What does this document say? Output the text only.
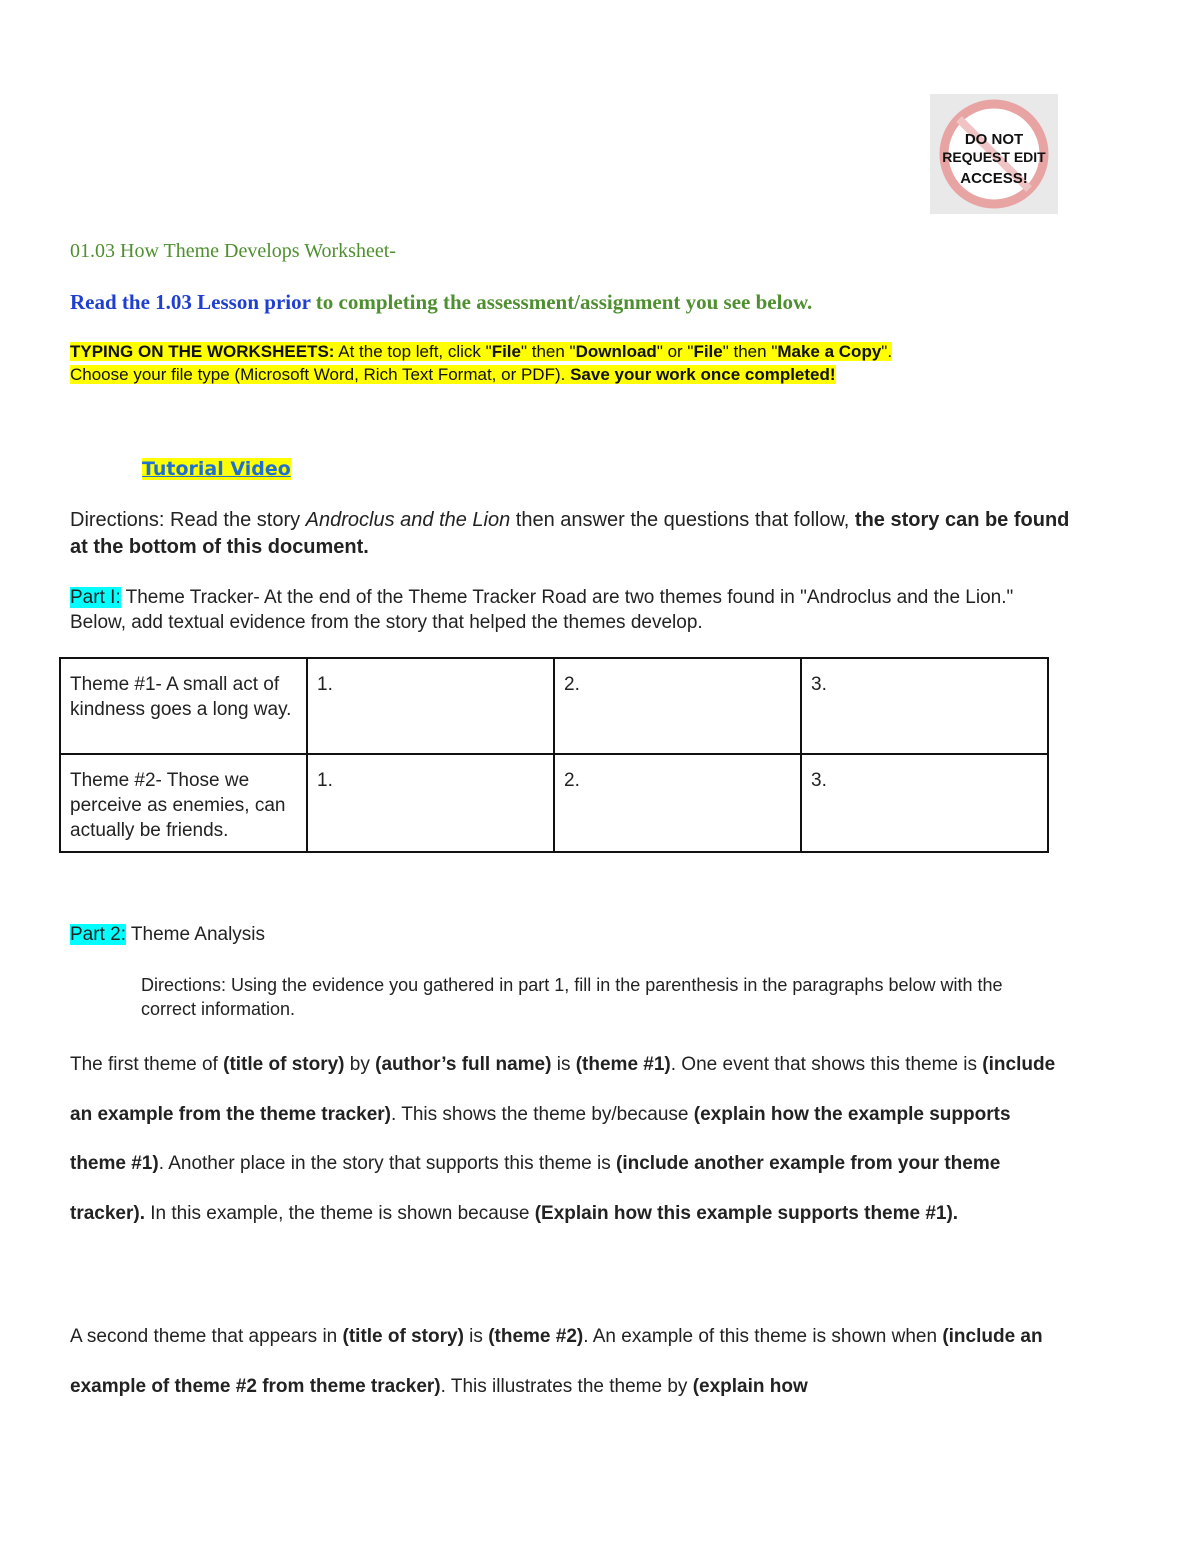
DO NOT
REQUEST EDIT
ACCESS!
01.03 How Theme Develops Worksheet-
Read the 1.03 Lesson prior to completing the assessment/assignment you see below.
TYPING ON THE WORKSHEETS: At the top left, click "File" then "Download" or "File" then "Make a Copy".
Choose your file type (Microsoft Word, Rich Text Format, or PDF). Save your work once completed!
Tutorial Video
Directions: Read the story Androclus and the Lion then answer the questions that follow, the story can be found at the bottom of this document.
Part I: Theme Tracker- At the end of the Theme Tracker Road are two themes found in "Androclus and the Lion." Below, add textual evidence from the story that helped the themes develop.
Theme #1- A small act of kindness goes a long way.	1.	2.	3.
Theme #2- Those we perceive as enemies, can actually be friends.	1.	2.	3.
Part 2: Theme Analysis
Directions: Using the evidence you gathered in part 1, fill in the parenthesis in the paragraphs below with the correct information.
The first theme of (title of story) by (author’s full name) is (theme #1). One event that shows this theme is (include an example from the theme tracker). This shows the theme by/because (explain how the example supports theme #1). Another place in the story that supports this theme is (include another example from your theme tracker). In this example, the theme is shown because (Explain how this example supports theme #1).
A second theme that appears in (title of story) is (theme #2). An example of this theme is shown when (include an example of theme #2 from theme tracker). This illustrates the theme by (explain how
